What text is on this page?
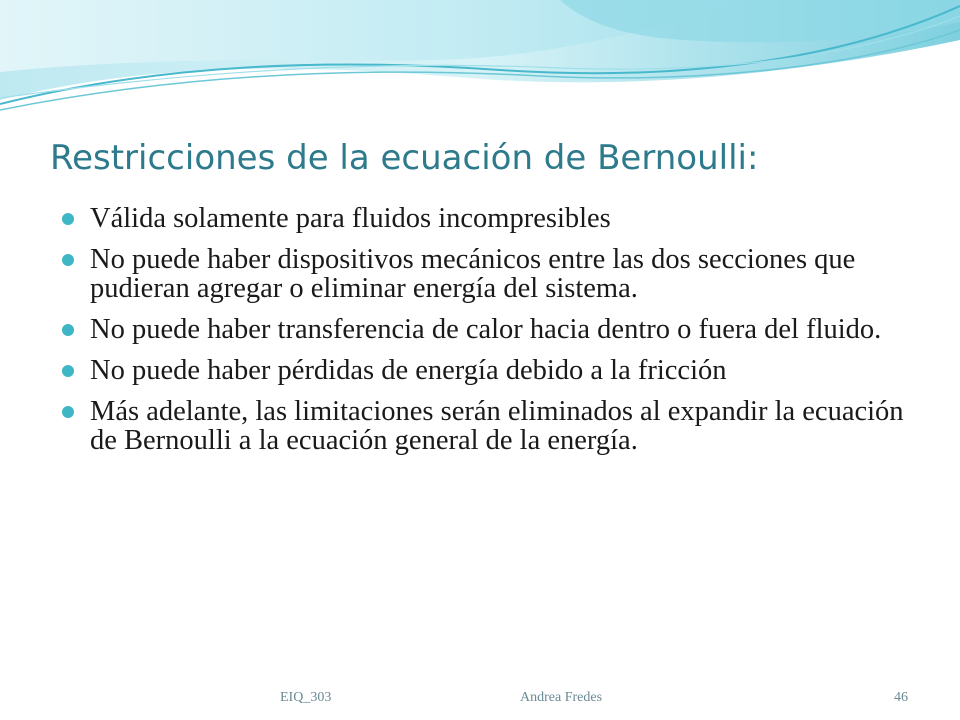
Restricciones de la ecuación de Bernoulli:
Válida solamente para fluidos incompresibles
No puede haber dispositivos mecánicos entre las dos secciones que pudieran agregar o eliminar energía del sistema.
No puede haber transferencia de calor hacia dentro o fuera del fluido.
No puede haber pérdidas de energía debido a la fricción
Más adelante, las limitaciones serán eliminados al expandir la ecuación de Bernoulli a la ecuación general de la energía.
EIQ_303	Andrea Fredes	46
